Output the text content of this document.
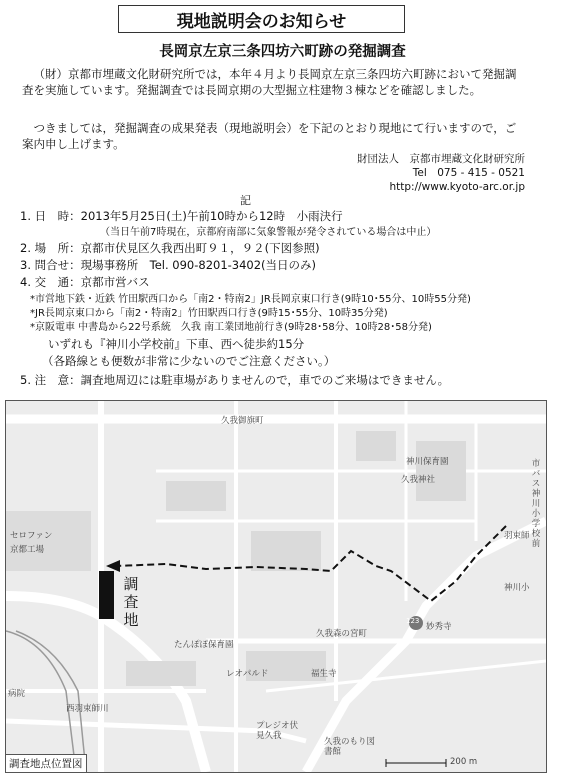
現地説明会のお知らせ
長岡京左京三条四坊六町跡の発掘調査
（財）京都市埋蔵文化財研究所では，本年４月より長岡京左京三条四坊六町跡において発掘調査を実施しています。発掘調査では長岡京期の大型掘立柱建物３棟などを確認しました。
つきましては，発掘調査の成果発表（現地説明会）を下記のとおり現地にて行いますので，ご案内申し上げます。
財団法人　京都市埋蔵文化財研究所
Tel　075 - 415 - 0521
http://www.kyoto-arc.or.jp
記
1. 日　時：2013年5月25日(土)午前10時から12時　小雨決行
（当日午前7時現在，京都府南部に気象警報が発令されている場合は中止）
2. 場　所：京都市伏見区久我西出町９１，９２(下図参照)
3. 問合せ：現場事務所　Tel. 090-8201-3402(当日のみ)
4. 交　通：京都市営バス
*市営地下鉄・近鉄 竹田駅西口から「南2・特南2」JR長岡京東口行き(9時10･55分、10時55分発)
*JR長岡京東口から「南2・特南2」竹田駅西口行き(9時15･55分、10時35分発)
*京阪電車 中書島から22号系統　久我 南工業団地前行き(9時28･58分、10時28･58分発)
いずれも『神川小学校前』下車、西へ徒歩約15分
（各路線とも便数が非常に少ないのでご注意ください。）
5. 注　意：調査地周辺には駐車場がありませんので，車でのご来場はできません。
調査地	123
久我御旗町
神川保育園
久我神社
市バス神川小学校前
羽束師
神川小
セロファン
京都工場
たんぽぽ保育園
久我森の宮町
妙秀寺
福生寺
レオパルド
西羽束師川
病院
プレジオ伏見久我
久我のもり図書館
200 m
調査地点位置図
